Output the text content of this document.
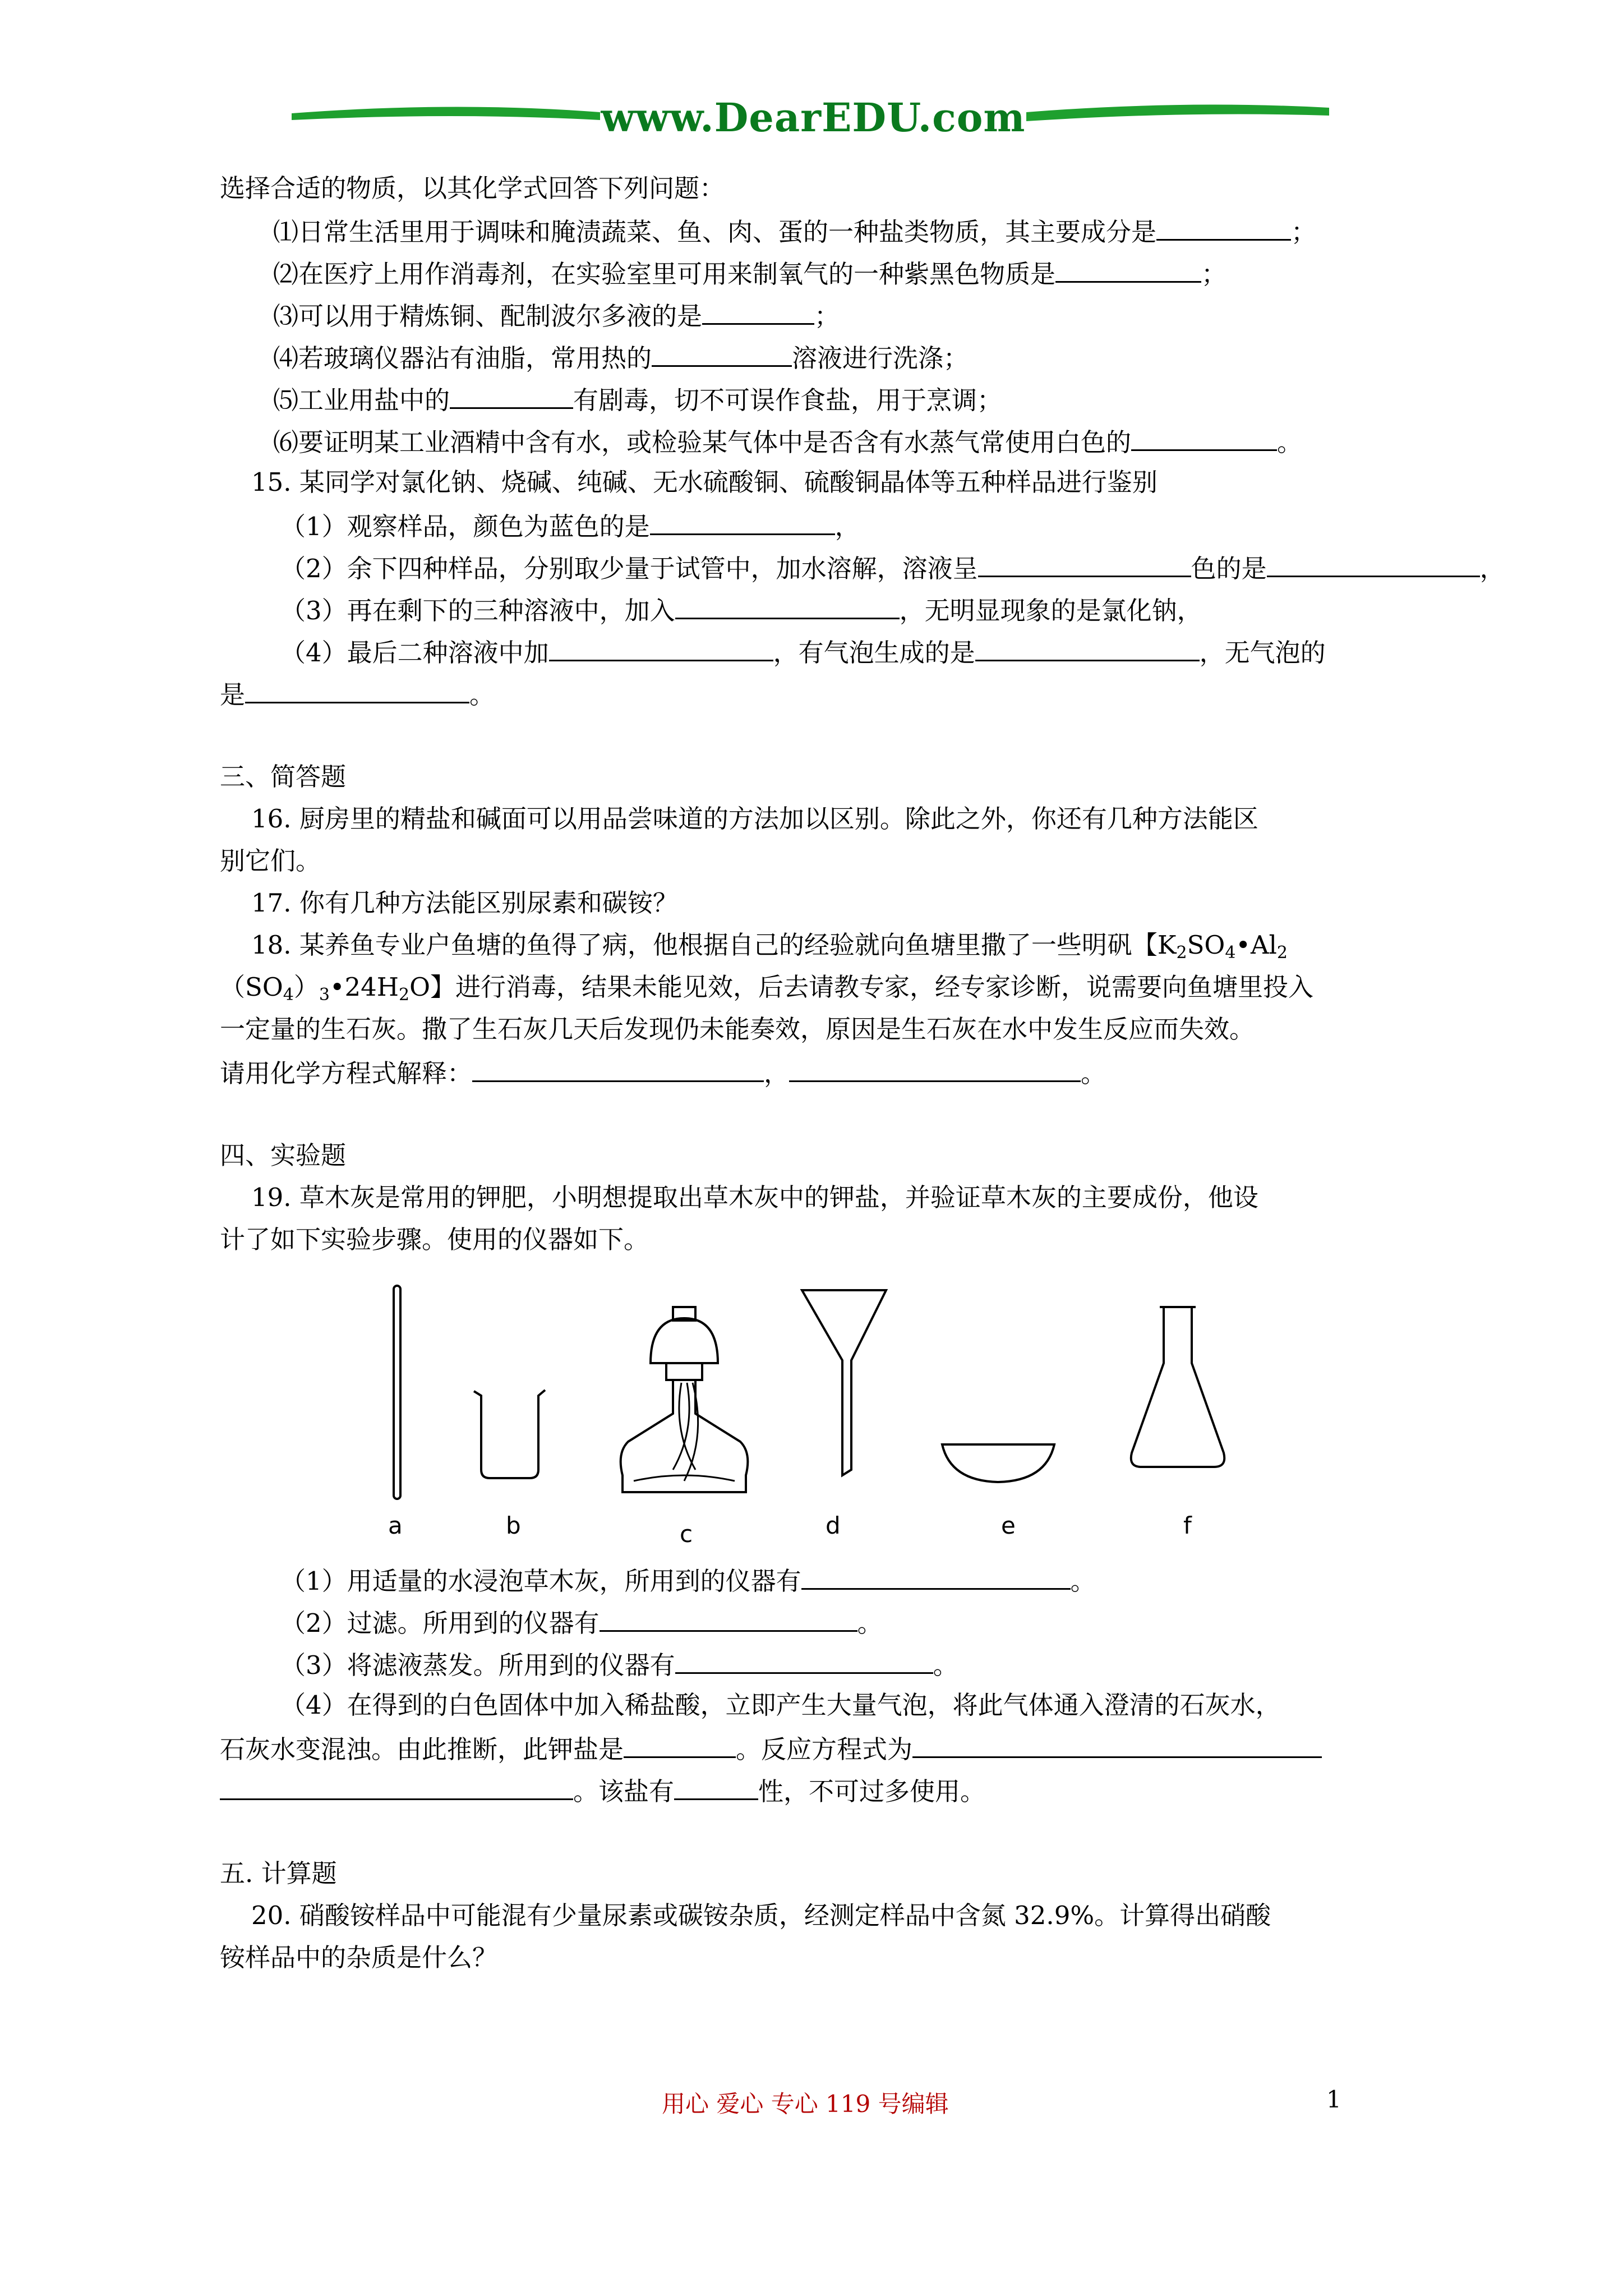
www.DearEDU.com
选择合适的物质，以其化学式回答下列问题：
⑴日常生活里用于调味和腌渍蔬菜、鱼、肉、蛋的一种盐类物质，其主要成分是	；
⑵在医疗上用作消毒剂，在实验室里可用来制氧气的一种紫黑色物质是	；
⑶可以用于精炼铜、配制波尔多液的是	；
⑷若玻璃仪器沾有油脂，常用热的	溶液进行洗涤；
⑸工业用盐中的	有剧毒，切不可误作食盐，用于烹调；
⑹要证明某工业酒精中含有水，或检验某气体中是否含有水蒸气常使用白色的	。
15. 某同学对氯化钠、烧碱、纯碱、无水硫酸铜、硫酸铜晶体等五种样品进行鉴别
（1）观察样品，颜色为蓝色的是	，
（2）余下四种样品，分别取少量于试管中，加水溶解，溶液呈	色的是	，
（3）再在剩下的三种溶液中，加入	，无明显现象的是氯化钠，
（4）最后二种溶液中加	，有气泡生成的是	，无气泡的
是	。
三、简答题
16. 厨房里的精盐和碱面可以用品尝味道的方法加以区别。除此之外，你还有几种方法能区
别它们。
17. 你有几种方法能区别尿素和碳铵？
18. 某养鱼专业户鱼塘的鱼得了病，他根据自己的经验就向鱼塘里撒了一些明矾【$K_2SO_4•Al_2$
$(SO_4)_3•24H_2O$】进行消毒，结果未能见效，后去请教专家，经专家诊断，说需要向鱼塘里投入
一定量的生石灰。撒了生石灰几天后发现仍未能奏效，原因是生石灰在水中发生反应而失效。
请用化学方程式解释：	，	。
四、实验题
19. 草木灰是常用的钾肥，小明想提取出草木灰中的钾盐，并验证草木灰的主要成份，他设
计了如下实验步骤。使用的仪器如下。
a	b	c	d	e	f
（1）用适量的水浸泡草木灰，所用到的仪器有	。
（2）过滤。所用到的仪器有	。
（3）将滤液蒸发。所用到的仪器有	。
（4）在得到的白色固体中加入稀盐酸，立即产生大量气泡，将此气体通入澄清的石灰水，
石灰水变混浊。由此推断，此钾盐是	。反应方程式为
。该盐有	性，不可过多使用。
五. 计算题
20. 硝酸铵样品中可能混有少量尿素或碳铵杂质，经测定样品中含氮 32.9%。计算得出硝酸
铵样品中的杂质是什么？
用心 爱心 专心 119 号编辑	1
